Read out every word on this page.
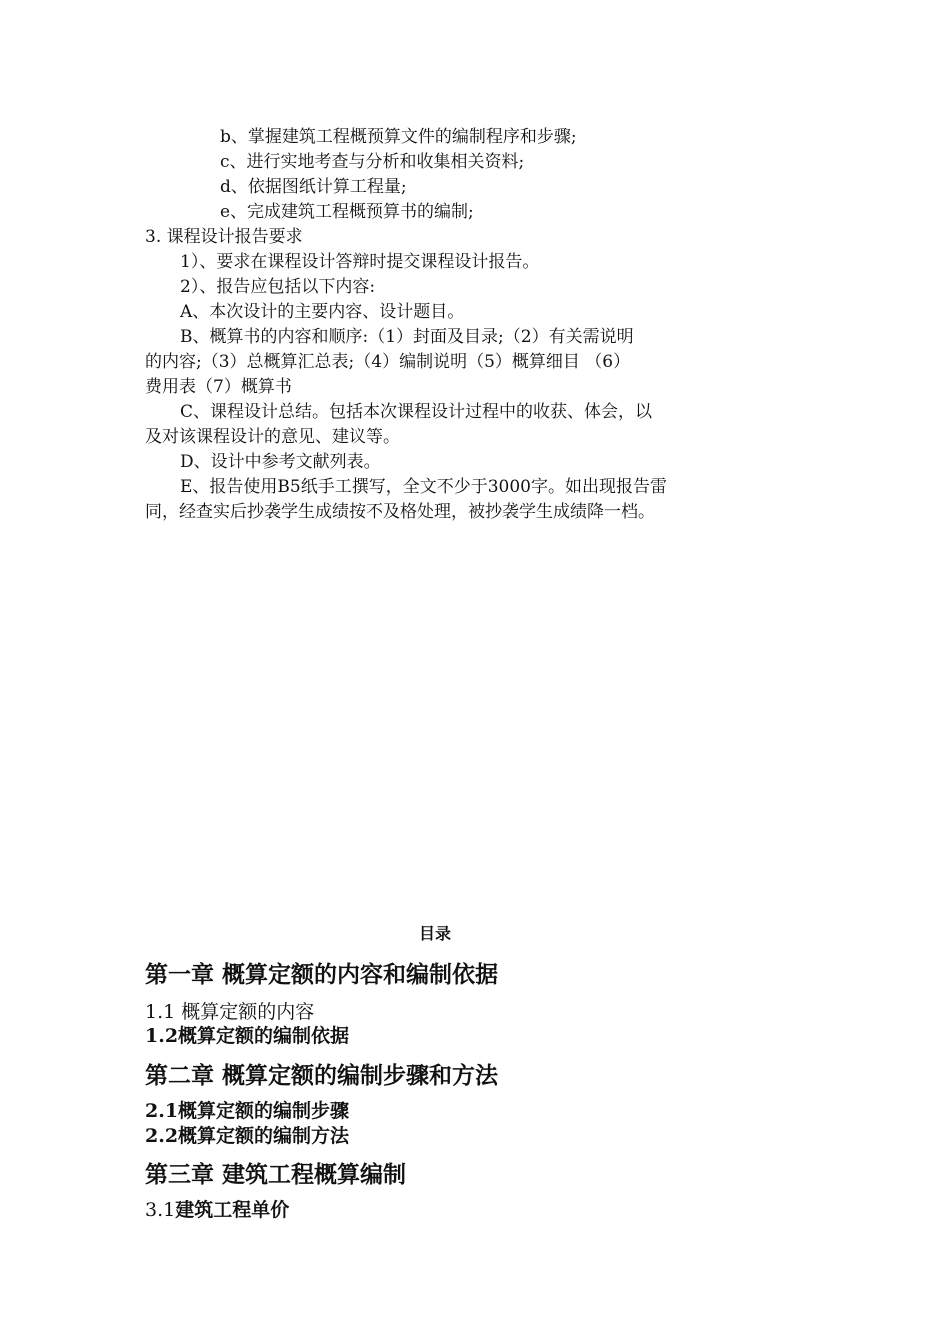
b、掌握建筑工程概预算文件的编制程序和步骤;
c、进行实地考查与分析和收集相关资料;
d、依据图纸计算工程量;
e、完成建筑工程概预算书的编制;
3. 课程设计报告要求
1）、要求在课程设计答辩时提交课程设计报告。
2）、报告应包括以下内容:
A、本次设计的主要内容、设计题目。
B、概算书的内容和顺序:（1）封面及目录;（2）有关需说明
的内容;（3）总概算汇总表;（4）编制说明（5）概算细目 （6）
费用表（7）概算书
C、课程设计总结。包括本次课程设计过程中的收获、体会，以
及对该课程设计的意见、建议等。
D、设计中参考文献列表。
E、报告使用B5纸手工撰写，全文不少于3000字。如出现报告雷
同，经查实后抄袭学生成绩按不及格处理，被抄袭学生成绩降一档。
目录
第一章 概算定额的内容和编制依据
1.1 概算定额的内容
1.2概算定额的编制依据
第二章 概算定额的编制步骤和方法
2.1概算定额的编制步骤
2.2概算定额的编制方法
第三章 建筑工程概算编制
3.1建筑工程单价
